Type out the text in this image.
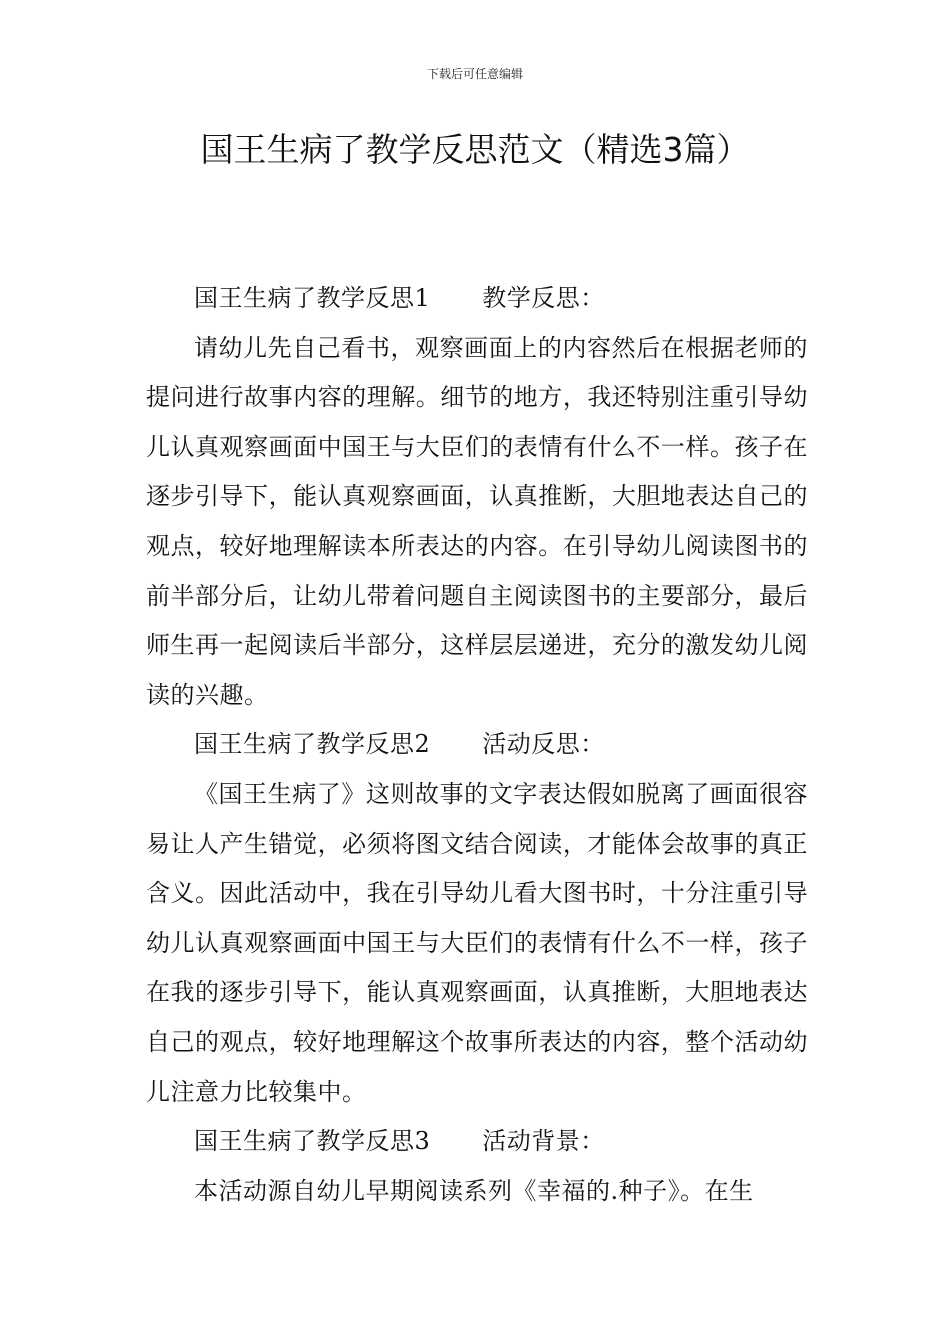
下载后可任意编辑
国王生病了教学反思范文（精选3篇）

国王生病了教学反思1 教学反思：

请幼儿先自己看书，观察画面上的内容然后在根据老师的提问进行故事内容的理解。细节的地方，我还特别注重引导幼儿认真观察画面中国王与大臣们的表情有什么不一样。孩子在逐步引导下，能认真观察画面，认真推断，大胆地表达自己的观点，较好地理解读本所表达的内容。在引导幼儿阅读图书的前半部分后，让幼儿带着问题自主阅读图书的主要部分，最后师生再一起阅读后半部分，这样层层递进，充分的激发幼儿阅读的兴趣。

国王生病了教学反思2 活动反思：

《国王生病了》这则故事的文字表达假如脱离了画面很容易让人产生错觉，必须将图文结合阅读，才能体会故事的真正含义。因此活动中，我在引导幼儿看大图书时，十分注重引导幼儿认真观察画面中国王与大臣们的表情有什么不一样，孩子在我的逐步引导下，能认真观察画面，认真推断，大胆地表达自己的观点，较好地理解这个故事所表达的内容，整个活动幼儿注意力比较集中。

国王生病了教学反思3 活动背景：

本活动源自幼儿早期阅读系列《幸福的.种子》。在生
